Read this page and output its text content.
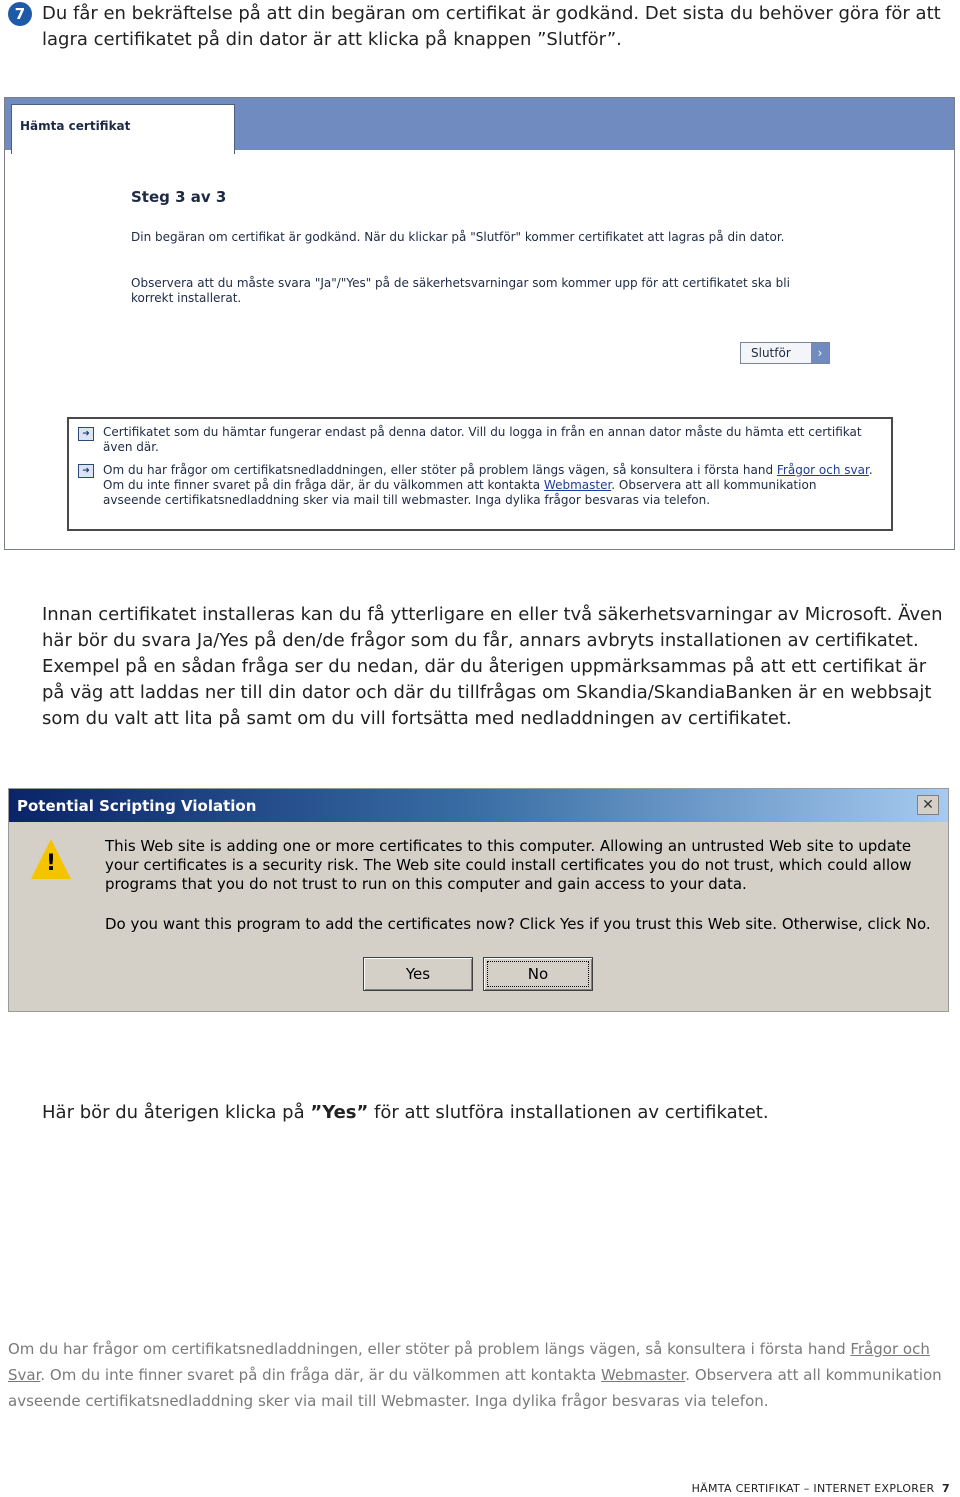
7 Du får en bekräftelse på att din begäran om certifikat är godkänd. Det sista du behöver göra för att lagra certifikatet på din dator är att klicka på knappen ”Slutför”.
Hämta certifikat
Steg 3 av 3
Din begäran om certifikat är godkänd. När du klickar på "Slutför" kommer certifikatet att lagras på din dator.
Observera att du måste svara "Ja"/"Yes" på de säkerhetsvarningar som kommer upp för att certifikatet ska bli korrekt installerat.
Slutför	›
➜	Certifikatet som du hämtar fungerar endast på denna dator. Vill du logga in från en annan dator måste du hämta ett certifikat även där.
➜	Om du har frågor om certifikatsnedladdningen, eller stöter på problem längs vägen, så konsultera i första hand Frågor och svar. Om du inte finner svaret på din fråga där, är du välkommen att kontakta Webmaster. Observera att all kommunikation avseende certifikatsnedladdning sker via mail till webmaster. Inga dylika frågor besvaras via telefon.
Innan certifikatet installeras kan du få ytterligare en eller två säkerhetsvarningar av Microsoft. Även här bör du svara Ja/Yes på den/de frågor som du får, annars avbryts installationen av certifikatet. Exempel på en sådan fråga ser du nedan, där du återigen uppmärksammas på att ett certifikat är på väg att laddas ner till din dator och där du tillfrågas om Skandia/SkandiaBanken är en webbsajt som du valt att lita på samt om du vill fortsätta med nedladdningen av certifikatet.
Potential Scripting Violation	✕
!
This Web site is adding one or more certificates to this computer. Allowing an untrusted Web site to update your certificates is a security risk. The Web site could install certificates you do not trust, which could allow programs that you do not trust to run on this computer and gain access to your data.
Do you want this program to add the certificates now? Click Yes if you trust this Web site. Otherwise, click No.
Yes	No
Här bör du återigen klicka på ”Yes” för att slutföra installationen av certifikatet.
Om du har frågor om certifikatsnedladdningen, eller stöter på problem längs vägen, så konsultera i första hand Frågor och Svar. Om du inte finner svaret på din fråga där, är du välkommen att kontakta Webmaster. Observera att all kommunikation avseende certifikatsnedladdning sker via mail till Webmaster. Inga dylika frågor besvaras via telefon.
HÄMTA CERTIFIKAT – INTERNET EXPLORER 7
